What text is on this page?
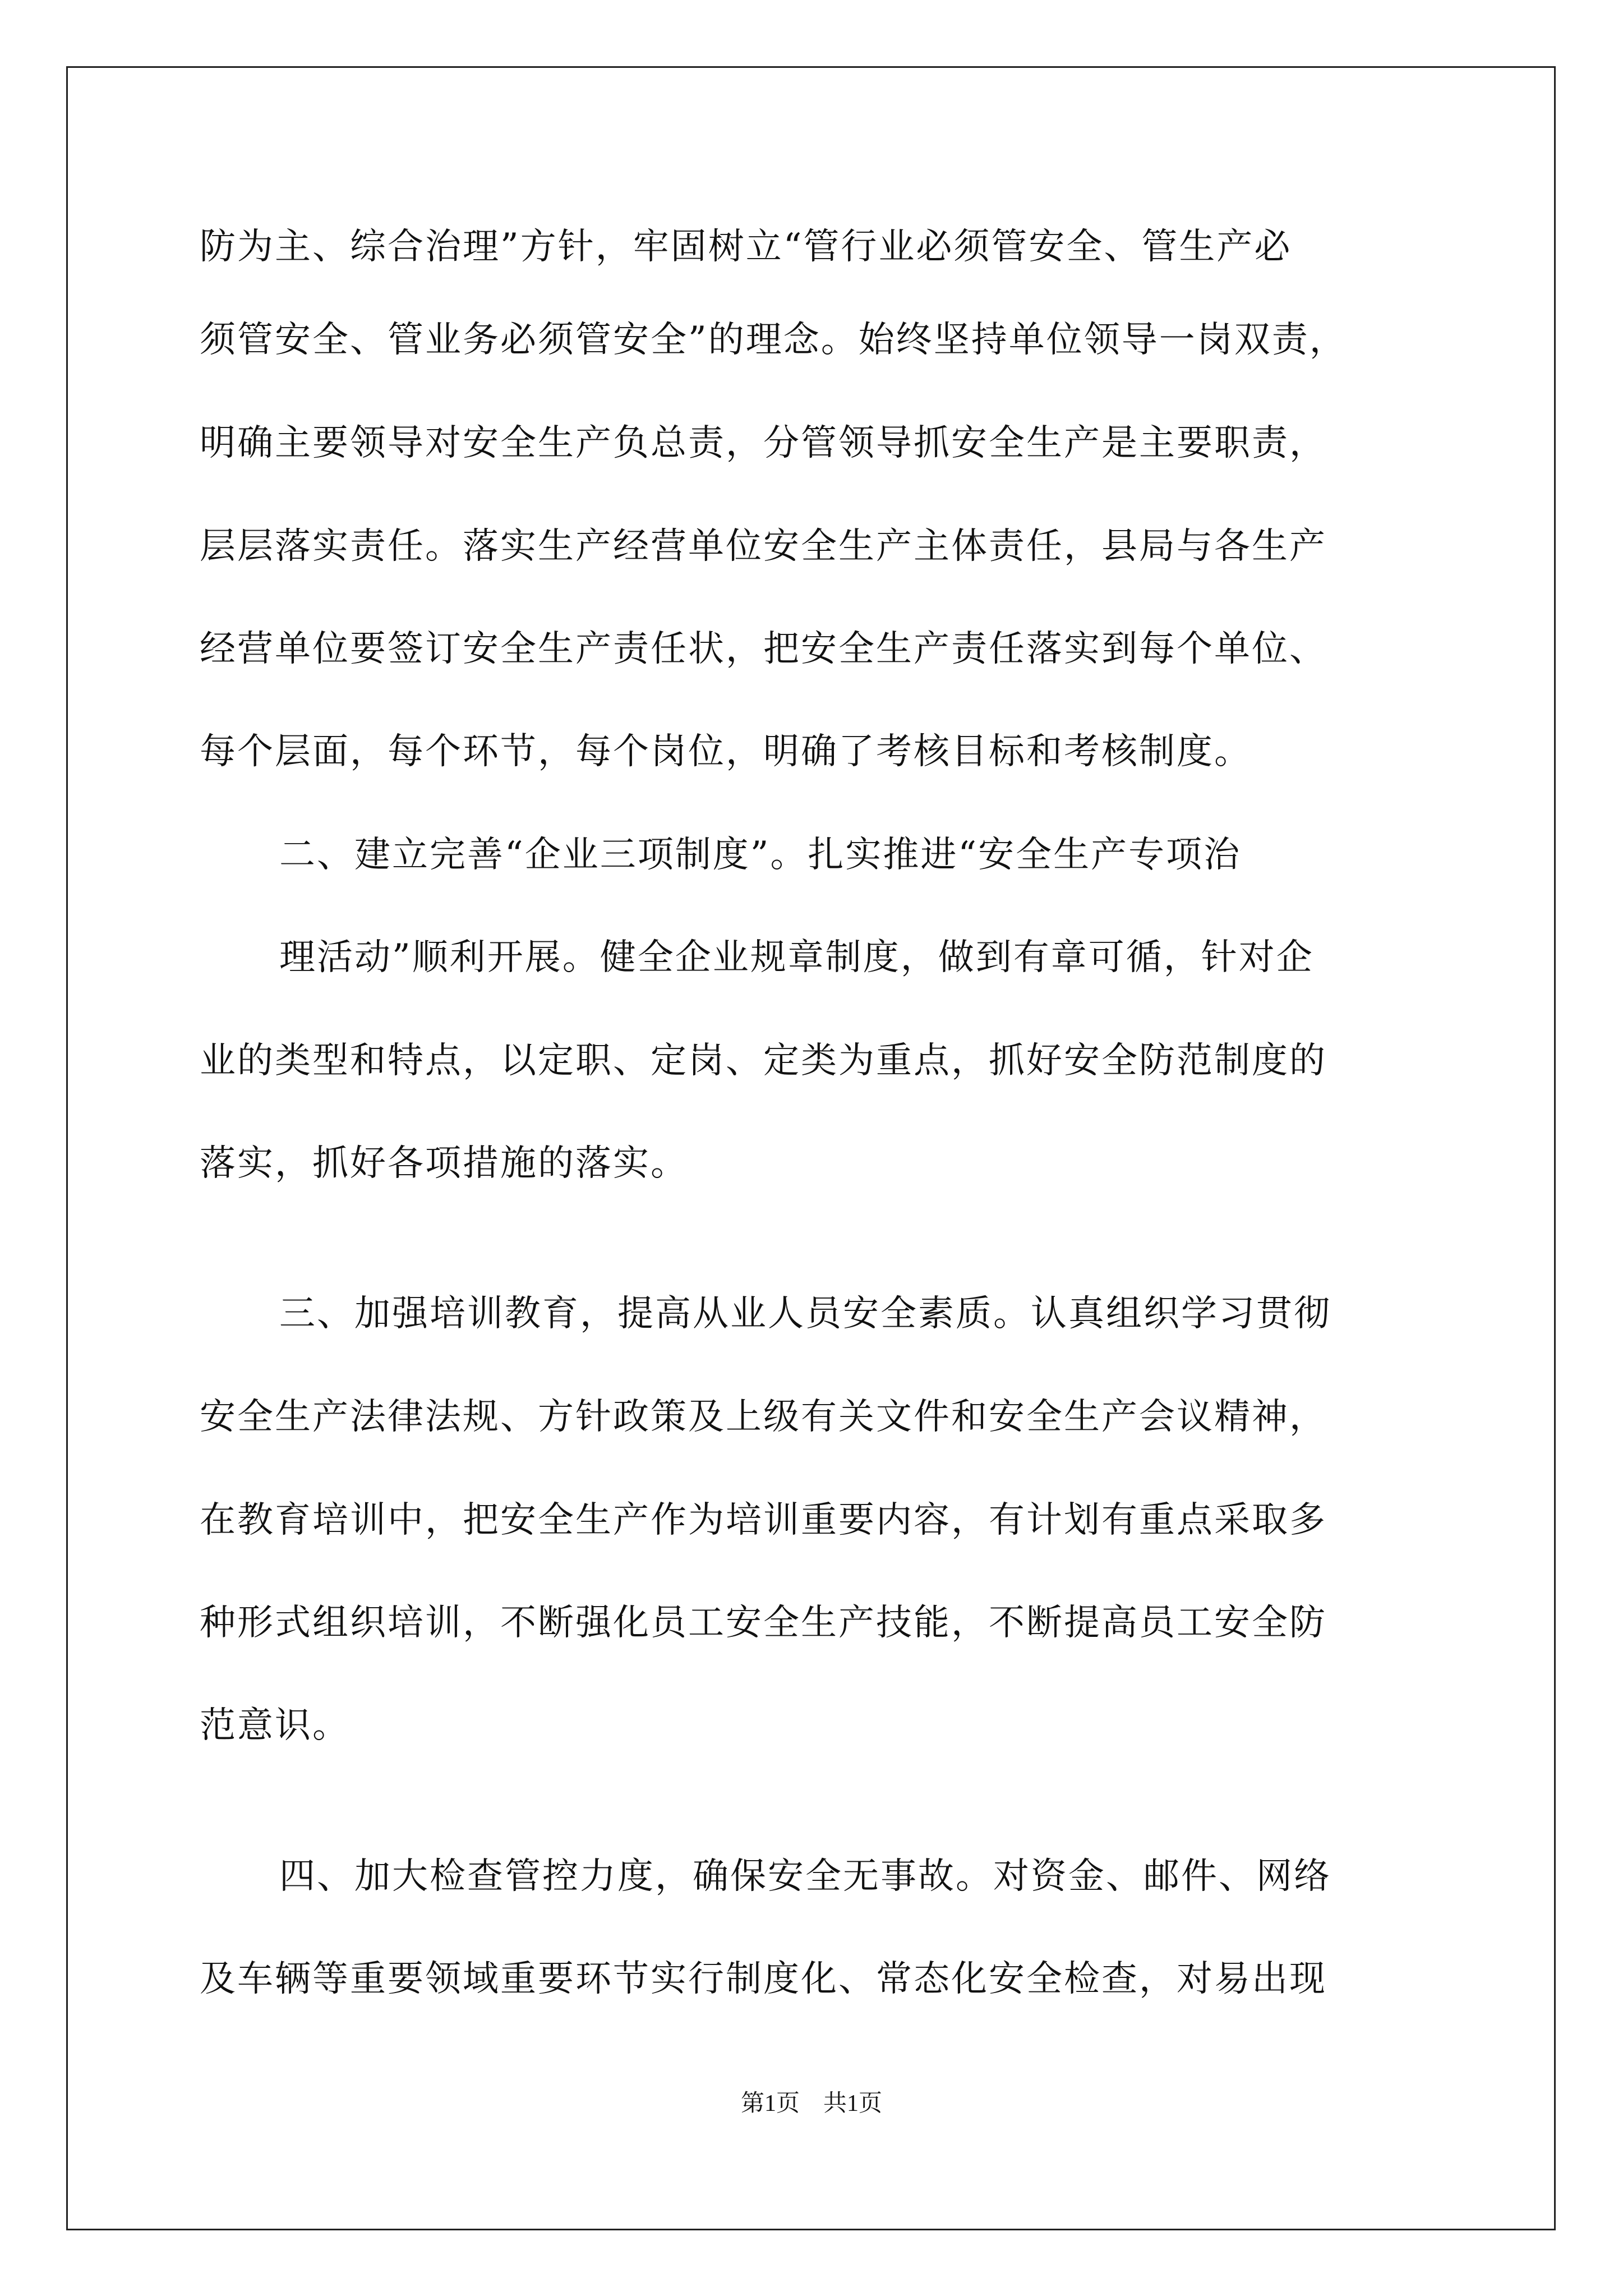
防为主、综合治理”方针，牢固树立“管行业必须管安全、管生产必
须管安全、管业务必须管安全”的理念。始终坚持单位领导一岗双责，
明确主要领导对安全生产负总责，分管领导抓安全生产是主要职责，
层层落实责任。落实生产经营单位安全生产主体责任，县局与各生产
经营单位要签订安全生产责任状，把安全生产责任落实到每个单位、
每个层面，每个环节，每个岗位，明确了考核目标和考核制度。
二、建立完善“企业三项制度”。扎实推进“安全生产专项治
理活动”顺利开展。健全企业规章制度，做到有章可循，针对企
业的类型和特点，以定职、定岗、定类为重点，抓好安全防范制度的
落实，抓好各项措施的落实。
三、加强培训教育，提高从业人员安全素质。认真组织学习贯彻
安全生产法律法规、方针政策及上级有关文件和安全生产会议精神，
在教育培训中，把安全生产作为培训重要内容，有计划有重点采取多
种形式组织培训，不断强化员工安全生产技能，不断提高员工安全防
范意识。
四、加大检查管控力度，确保安全无事故。对资金、邮件、网络
及车辆等重要领域重要环节实行制度化、常态化安全检查，对易出现
第1页　共1页
